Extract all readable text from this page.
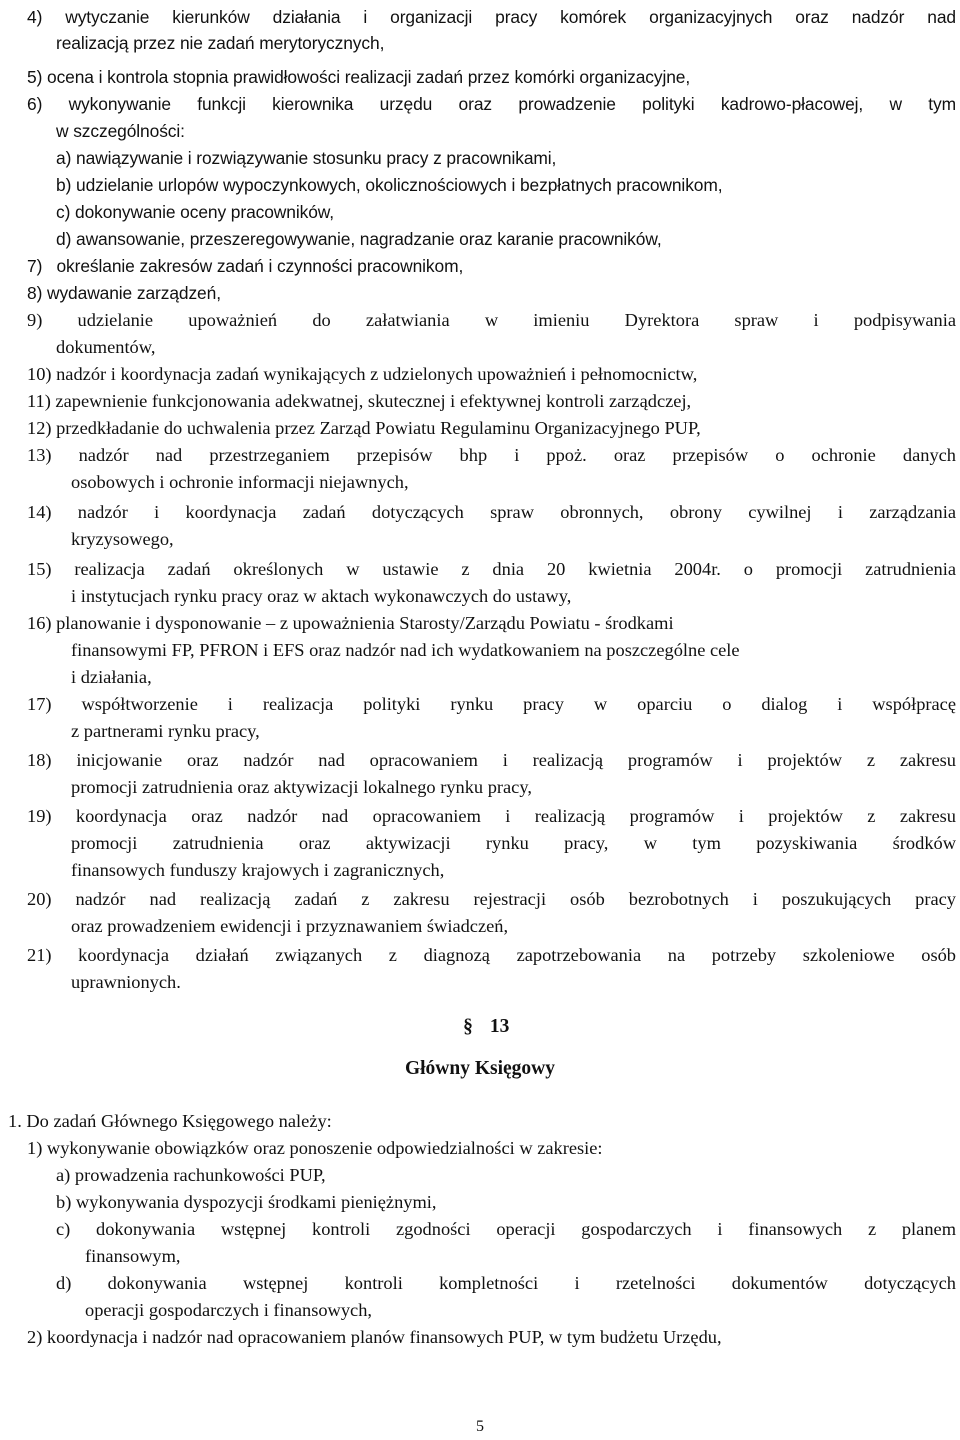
4) wytyczanie kierunków działania i organizacji pracy komórek organizacyjnych oraz nadzór nad
realizacją przez nie zadań merytorycznych,
5) ocena i kontrola stopnia prawidłowości realizacji zadań przez komórki organizacyjne,
6) wykonywanie funkcji kierownika urzędu oraz prowadzenie polityki kadrowo-płacowej, w tym
w szczególności:
a) nawiązywanie i rozwiązywanie stosunku pracy z pracownikami,
b) udzielanie urlopów wypoczynkowych, okolicznościowych i bezpłatnych pracownikom,
c) dokonywanie oceny pracowników,
d) awansowanie, przeszeregowywanie, nagradzanie oraz karanie pracowników,
7)   określanie zakresów zadań i czynności pracownikom,
8) wydawanie zarządzeń,
9) udzielanie upoważnień do załatwiania w imieniu Dyrektora spraw i podpisywania
dokumentów,
10) nadzór i koordynacja zadań wynikających z udzielonych upoważnień i pełnomocnictw,
11) zapewnienie funkcjonowania adekwatnej, skutecznej i efektywnej kontroli zarządczej,
12) przedkładanie do uchwalenia przez Zarząd Powiatu Regulaminu Organizacyjnego PUP,
13) nadzór nad przestrzeganiem przepisów bhp i ppoż. oraz przepisów o ochronie danych
osobowych i ochronie informacji niejawnych,
14) nadzór i koordynacja zadań dotyczących spraw obronnych, obrony cywilnej i zarządzania
kryzysowego,
15) realizacja zadań określonych w ustawie z dnia 20 kwietnia 2004r. o promocji zatrudnienia
i instytucjach rynku pracy oraz w aktach wykonawczych do ustawy,
16) planowanie i dysponowanie – z upoważnienia Starosty/Zarządu Powiatu - środkami
finansowymi FP, PFRON i EFS oraz nadzór nad ich wydatkowaniem na poszczególne cele
i działania,
17) współtworzenie i realizacja polityki rynku pracy w oparciu o dialog i współpracę
z partnerami rynku pracy,
18) inicjowanie oraz nadzór nad opracowaniem i realizacją programów i projektów z zakresu
promocji zatrudnienia oraz aktywizacji lokalnego rynku pracy,
19) koordynacja oraz nadzór nad opracowaniem i realizacją programów i projektów z zakresu
promocji zatrudnienia oraz aktywizacji rynku pracy, w tym pozyskiwania środków
finansowych funduszy krajowych i zagranicznych,
20) nadzór nad realizacją zadań z zakresu rejestracji osób bezrobotnych i poszukujących pracy
oraz prowadzeniem ewidencji i przyznawaniem świadczeń,
21) koordynacja działań związanych z diagnozą zapotrzebowania na potrzeby szkoleniowe osób
uprawnionych.
§ 13
Główny Księgowy
1. Do zadań Głównego Księgowego należy:
1) wykonywanie obowiązków oraz ponoszenie odpowiedzialności w zakresie:
a) prowadzenia rachunkowości PUP,
b) wykonywania dyspozycji środkami pieniężnymi,
c) dokonywania wstępnej kontroli zgodności operacji gospodarczych i finansowych z planem
finansowym,
d) dokonywania wstępnej kontroli kompletności i rzetelności dokumentów dotyczących
operacji gospodarczych i finansowych,
2) koordynacja i nadzór nad opracowaniem planów finansowych PUP, w tym budżetu Urzędu,
5
